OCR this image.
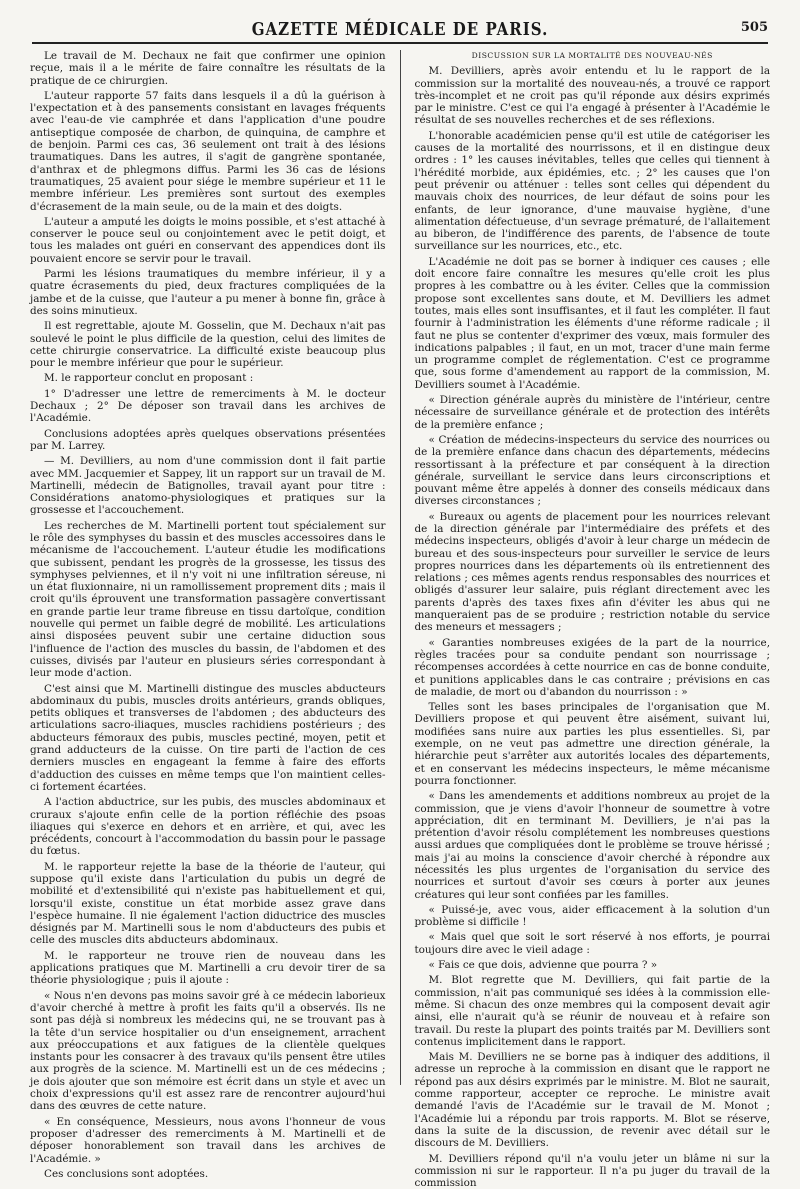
GAZETTE MÉDICALE DE PARIS.	505

Le travail de M. Dechaux ne fait que confirmer une opinion reçue, mais il a le mérite de faire connaître les résultats de la pratique de ce chirurgien.

L'auteur rapporte 57 faits dans lesquels il a dû la guérison à l'expectation et à des pansements consistant en lavages fréquents avec l'eau-de vie camphrée et dans l'application d'une poudre antiseptique composée de charbon, de quinquina, de camphre et de benjoin. Parmi ces cas, 36 seulement ont trait à des lésions traumatiques. Dans les autres, il s'agit de gangrène spontanée, d'anthrax et de phlegmons diffus. Parmi les 36 cas de lésions traumatiques, 25 avaient pour siége le membre supérieur et 11 le membre inférieur. Les premières sont surtout des exemples d'écrasement de la main seule, ou de la main et des doigts.

L'auteur a amputé les doigts le moins possible, et s'est attaché à conserver le pouce seul ou conjointement avec le petit doigt, et tous les malades ont guéri en conservant des appendices dont ils pouvaient encore se servir pour le travail.

Parmi les lésions traumatiques du membre inférieur, il y a quatre écrasements du pied, deux fractures compliquées de la jambe et de la cuisse, que l'auteur a pu mener à bonne fin, grâce à des soins minutieux.

Il est regrettable, ajoute M. Gosselin, que M. Dechaux n'ait pas soulevé le point le plus difficile de la question, celui des limites de cette chirurgie conservatrice. La difficulté existe beaucoup plus pour le membre inférieur que pour le supérieur.

M. le rapporteur conclut en proposant :

1° D'adresser une lettre de remerciments à M. le docteur Dechaux ; 2° De déposer son travail dans les archives de l'Académie.

Conclusions adoptées après quelques observations présentées par M. Larrey.

— M. Devilliers, au nom d'une commission dont il fait partie avec MM. Jacquemier et Sappey, lit un rapport sur un travail de M. Martinelli, médecin de Batignolles, travail ayant pour titre : Considérations anatomo-physiologiques et pratiques sur la grossesse et l'accouchement.

Les recherches de M. Martinelli portent tout spécialement sur le rôle des symphyses du bassin et des muscles accessoires dans le mécanisme de l'accouchement. L'auteur étudie les modifications que subissent, pendant les progrès de la grossesse, les tissus des symphyses pelviennes, et il n'y voit ni une infiltration séreuse, ni un état fluxionnaire, ni un ramollissement proprement dits ; mais il croit qu'ils éprouvent une transformation passagère convertissant en grande partie leur trame fibreuse en tissu dartoïque, condition nouvelle qui permet un faible degré de mobilité. Les articulations ainsi disposées peuvent subir une certaine diduction sous l'influence de l'action des muscles du bassin, de l'abdomen et des cuisses, divisés par l'auteur en plusieurs séries correspondant à leur mode d'action.

C'est ainsi que M. Martinelli distingue des muscles abducteurs abdominaux du pubis, muscles droits antérieurs, grands obliques, petits obliques et transverses de l'abdomen ; des abducteurs des articulations sacro-iliaques, muscles rachidiens postérieurs ; des abducteurs fémoraux des pubis, muscles pectiné, moyen, petit et grand adducteurs de la cuisse. On tire parti de l'action de ces derniers muscles en engageant la femme à faire des efforts d'adduction des cuisses en même temps que l'on maintient celles-ci fortement écartées.

A l'action abductrice, sur les pubis, des muscles abdominaux et cruraux s'ajoute enfin celle de la portion réfléchie des psoas iliaques qui s'exerce en dehors et en arrière, et qui, avec les précédents, concourt à l'accommodation du bassin pour le passage du fœtus.

M. le rapporteur rejette la base de la théorie de l'auteur, qui suppose qu'il existe dans l'articulation du pubis un degré de mobilité et d'extensibilité qui n'existe pas habituellement et qui, lorsqu'il existe, constitue un état morbide assez grave dans l'espèce humaine. Il nie également l'action diductrice des muscles désignés par M. Martinelli sous le nom d'abducteurs des pubis et celle des muscles dits abducteurs abdominaux.

M. le rapporteur ne trouve rien de nouveau dans les applications pratiques que M. Martinelli a cru devoir tirer de sa théorie physiologique ; puis il ajoute :

« Nous n'en devons pas moins savoir gré à ce médecin laborieux d'avoir cherché à mettre à profit les faits qu'il a observés. Ils ne sont pas déjà si nombreux les médecins qui, ne se trouvant pas à la tête d'un service hospitalier ou d'un enseignement, arrachent aux préoccupations et aux fatigues de la clientèle quelques instants pour les consacrer à des travaux qu'ils pensent être utiles aux progrès de la science. M. Martinelli est un de ces médecins ; je dois ajouter que son mémoire est écrit dans un style et avec un choix d'expressions qu'il est assez rare de rencontrer aujourd'hui dans des œuvres de cette nature.

« En conséquence, Messieurs, nous avons l'honneur de vous proposer d'adresser des remerciments à M. Martinelli et de déposer honorablement son travail dans les archives de l'Académie. »

Ces conclusions sont adoptées.

DISCUSSION SUR LA MORTALITÉ DES NOUVEAU-NÉS

M. Devilliers, après avoir entendu et lu le rapport de la commission sur la mortalité des nouveau-nés, a trouvé ce rapport très-incomplet et ne croit pas qu'il réponde aux désirs exprimés par le ministre. C'est ce qui l'a engagé à présenter à l'Académie le résultat de ses nouvelles recherches et de ses réflexions.

L'honorable académicien pense qu'il est utile de catégoriser les causes de la mortalité des nourrissons, et il en distingue deux ordres : 1° les causes inévitables, telles que celles qui tiennent à l'hérédité morbide, aux épidémies, etc. ; 2° les causes que l'on peut prévenir ou atténuer : telles sont celles qui dépendent du mauvais choix des nourrices, de leur défaut de soins pour les enfants, de leur ignorance, d'une mauvaise hygiène, d'une alimentation défectueuse, d'un sevrage prématuré, de l'allaitement au biberon, de l'indifférence des parents, de l'absence de toute surveillance sur les nourrices, etc., etc.

L'Académie ne doit pas se borner à indiquer ces causes ; elle doit encore faire connaître les mesures qu'elle croit les plus propres à les combattre ou à les éviter. Celles que la commission propose sont excellentes sans doute, et M. Devilliers les admet toutes, mais elles sont insuffisantes, et il faut les compléter. Il faut fournir à l'administration les éléments d'une réforme radicale ; il faut ne plus se contenter d'exprimer des vœux, mais formuler des indications palpables ; il faut, en un mot, tracer d'une main ferme un programme complet de réglementation. C'est ce programme que, sous forme d'amendement au rapport de la commission, M. Devilliers soumet à l'Académie.

« Direction générale auprès du ministère de l'intérieur, centre nécessaire de surveillance générale et de protection des intérêts de la première enfance ;

« Création de médecins-inspecteurs du service des nourrices ou de la première enfance dans chacun des départements, médecins ressortissant à la préfecture et par conséquent à la direction générale, surveillant le service dans leurs circonscriptions et pouvant même être appelés à donner des conseils médicaux dans diverses circonstances ;

« Bureaux ou agents de placement pour les nourrices relevant de la direction générale par l'intermédiaire des préfets et des médecins inspecteurs, obligés d'avoir à leur charge un médecin de bureau et des sous-inspecteurs pour surveiller le service de leurs propres nourrices dans les départements où ils entretiennent des relations ; ces mêmes agents rendus responsables des nourrices et obligés d'assurer leur salaire, puis réglant directement avec les parents d'après des taxes fixes afin d'éviter les abus qui ne manqueraient pas de se produire ; restriction notable du service des meneurs et messagers ;

« Garanties nombreuses exigées de la part de la nourrice, règles tracées pour sa conduite pendant son nourrissage ; récompenses accordées à cette nourrice en cas de bonne conduite, et punitions applicables dans le cas contraire ; prévisions en cas de maladie, de mort ou d'abandon du nourrisson : »

Telles sont les bases principales de l'organisation que M. Devilliers propose et qui peuvent être aisément, suivant lui, modifiées sans nuire aux parties les plus essentielles. Si, par exemple, on ne veut pas admettre une direction générale, la hiérarchie peut s'arrêter aux autorités locales des départements, et en conservant les médecins inspecteurs, le même mécanisme pourra fonctionner.

« Dans les amendements et additions nombreux au projet de la commission, que je viens d'avoir l'honneur de soumettre à votre appréciation, dit en terminant M. Devilliers, je n'ai pas la prétention d'avoir résolu complétement les nombreuses questions aussi ardues que compliquées dont le problème se trouve hérissé ; mais j'ai au moins la conscience d'avoir cherché à répondre aux nécessités les plus urgentes de l'organisation du service des nourrices et surtout d'avoir ses cœurs à porter aux jeunes créatures qui leur sont confiées par les familles.

« Puissé-je, avec vous, aider efficacement à la solution d'un problème si difficile !

« Mais quel que soit le sort réservé à nos efforts, je pourrai toujours dire avec le vieil adage :

« Fais ce que dois, advienne que pourra ? »

M. Blot regrette que M. Devilliers, qui fait partie de la commission, n'ait pas communiqué ses idées à la commission elle-même. Si chacun des onze membres qui la composent devait agir ainsi, elle n'aurait qu'à se réunir de nouveau et à refaire son travail. Du reste la plupart des points traités par M. Devilliers sont contenus implicitement dans le rapport.

Mais M. Devilliers ne se borne pas à indiquer des additions, il adresse un reproche à la commission en disant que le rapport ne répond pas aux désirs exprimés par le ministre. M. Blot ne saurait, comme rapporteur, accepter ce reproche. Le ministre avait demandé l'avis de l'Académie sur le travail de M. Monot ; l'Académie lui a répondu par trois rapports. M. Blot se réserve, dans la suite de la discussion, de revenir avec détail sur le discours de M. Devilliers.

M. Devilliers répond qu'il n'a voulu jeter un blâme ni sur la commission ni sur le rapporteur. Il n'a pu juger du travail de la commission
